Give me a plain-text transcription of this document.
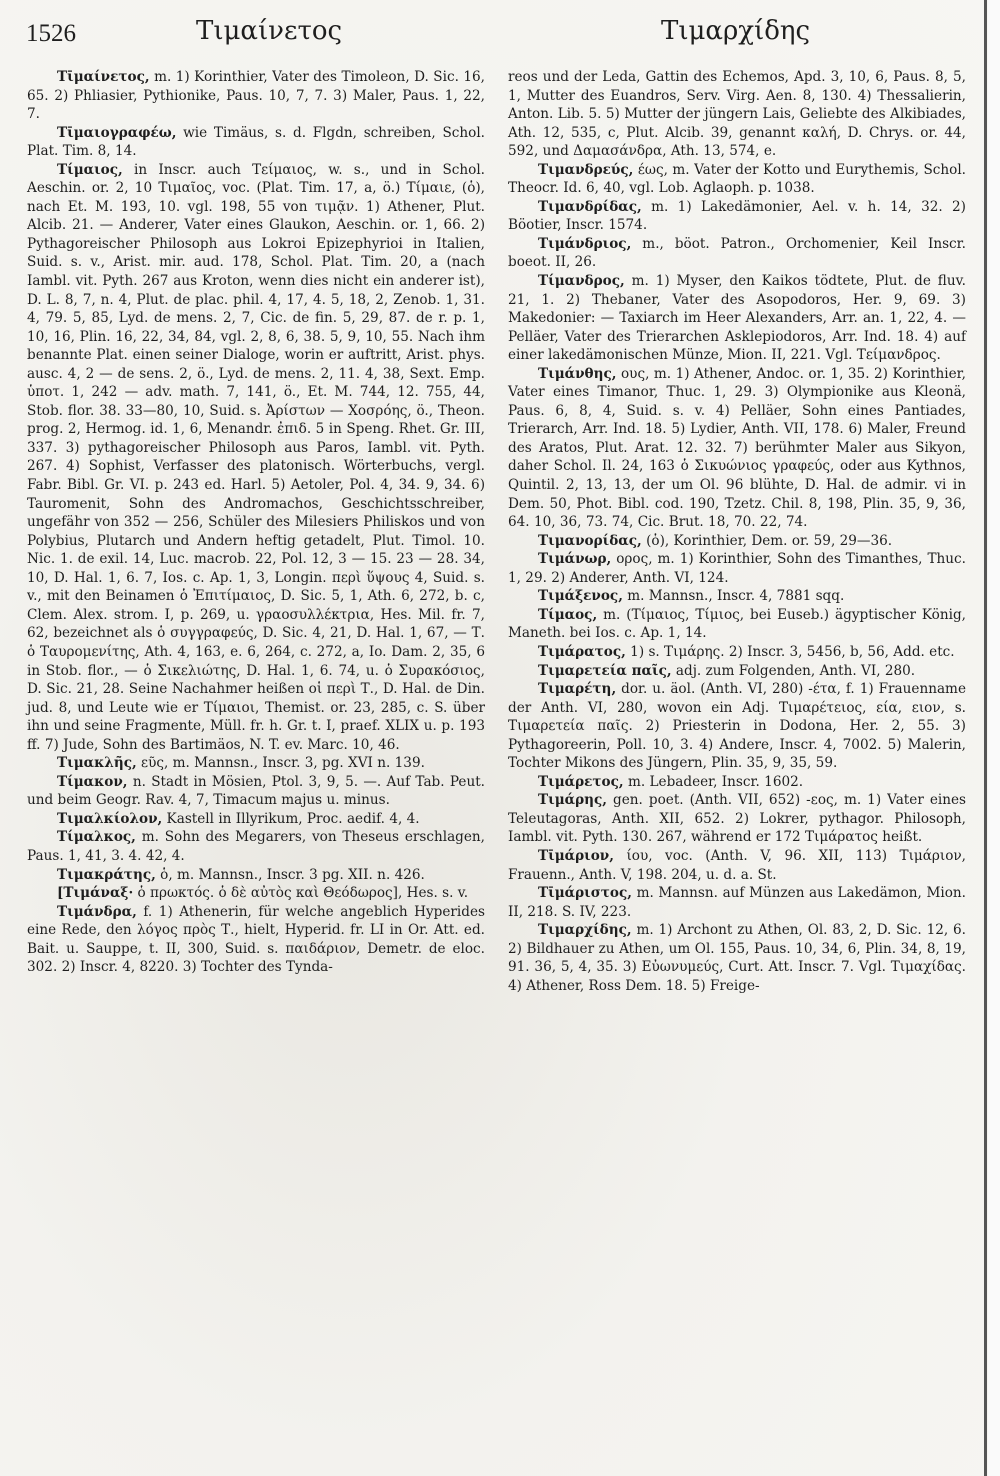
1526	Τιμαίνετος	Τιμαρχίδης

Τῑμαίνετος, m. 1) Korinthier, Vater des Timoleon, D. Sic. 16, 65. 2) Phliasier, Pythionike, Paus. 10, 7, 7. 3) Maler, Paus. 1, 22, 7.

Τῑμαιογραφέω, wie Timäus, s. d. Flgdn, schreiben, Schol. Plat. Tim. 8, 14.

Τίμαιος, in Inscr. auch Τείμαιος, w. s., und in Schol. Aeschin. or. 2, 10 Τιμαῖος, voc. (Plat. Tim. 17, a, ö.) Τίμαιε, (ὁ), nach Et. M. 193, 10. vgl. 198, 55 von τιμᾷν. 1) Athener, Plut. Alcib. 21. — Anderer, Vater eines Glaukon, Aeschin. or. 1, 66. 2) Pythagoreischer Philosoph aus Lokroi Epizephyrioi in Italien, Suid. s. v., Arist. mir. aud. 178, Schol. Plat. Tim. 20, a (nach Iambl. vit. Pyth. 267 aus Kroton, wenn dies nicht ein anderer ist), D. L. 8, 7, n. 4, Plut. de plac. phil. 4, 17, 4. 5, 18, 2, Zenob. 1, 31. 4, 79. 5, 85, Lyd. de mens. 2, 7, Cic. de fin. 5, 29, 87. de r. p. 1, 10, 16, Plin. 16, 22, 34, 84, vgl. 2, 8, 6, 38. 5, 9, 10, 55. Nach ihm benannte Plat. einen seiner Dialoge, worin er auftritt, Arist. phys. ausc. 4, 2 — de sens. 2, ö., Lyd. de mens. 2, 11. 4, 38, Sext. Emp. ὑποτ. 1, 242 — adv. math. 7, 141, ö., Et. M. 744, 12. 755, 44, Stob. flor. 38. 33—80, 10, Suid. s. Ἀρίστων — Χοσρόης, ö., Theon. prog. 2, Hermog. id. 1, 6, Menandr. ἐπιδ. 5 in Speng. Rhet. Gr. III, 337. 3) pythagoreischer Philosoph aus Paros, Iambl. vit. Pyth. 267. 4) Sophist, Verfasser des platonisch. Wörterbuchs, vergl. Fabr. Bibl. Gr. VI. p. 243 ed. Harl. 5) Aetoler, Pol. 4, 34. 9, 34. 6) Tauromenit, Sohn des Andromachos, Geschichtsschreiber, ungefähr von 352 — 256, Schüler des Milesiers Philiskos und von Polybius, Plutarch und Andern heftig getadelt, Plut. Timol. 10. Nic. 1. de exil. 14, Luc. macrob. 22, Pol. 12, 3 — 15. 23 — 28. 34, 10, D. Hal. 1, 6. 7, Ios. c. Ap. 1, 3, Longin. περὶ ὕψους 4, Suid. s. v., mit den Beinamen ὁ Ἐπιτίμαιος, D. Sic. 5, 1, Ath. 6, 272, b. c, Clem. Alex. strom. I, p. 269, u. γραοσυλλέκτρια, Hes. Mil. fr. 7, 62, bezeichnet als ὁ συγγραφεύς, D. Sic. 4, 21, D. Hal. 1, 67, — Τ. ὁ Ταυρομενίτης, Ath. 4, 163, e. 6, 264, c. 272, a, Io. Dam. 2, 35, 6 in Stob. flor., — ὁ Σικελιώτης, D. Hal. 1, 6. 74, u. ὁ Συρακόσιος, D. Sic. 21, 28. Seine Nachahmer heißen οἱ περὶ Τ., D. Hal. de Din. jud. 8, und Leute wie er Τίμαιοι, Themist. or. 23, 285, c. S. über ihn und seine Fragmente, Müll. fr. h. Gr. t. I, praef. XLIX u. p. 193 ff. 7) Jude, Sohn des Bartimäos, N. T. ev. Marc. 10, 46.

Τιμακλῆς, εῦς, m. Mannsn., Inscr. 3, pg. XVI n. 139.

Τίμακον, n. Stadt in Mösien, Ptol. 3, 9, 5. —. Auf Tab. Peut. und beim Geogr. Rav. 4, 7, Timacum majus u. minus.

Τιμαλκίολον, Kastell in Illyrikum, Proc. aedif. 4, 4.

Τίμαλκος, m. Sohn des Megarers, von Theseus erschlagen, Paus. 1, 41, 3. 4. 42, 4.

Τιμακράτης, ὁ, m. Mannsn., Inscr. 3 pg. XII. n. 426.

[Τιμάναξ· ὁ πρωκτός. ὁ δὲ αὐτὸς καὶ Θεόδωρος], Hes. s. v.

Τιμάνδρα, f. 1) Athenerin, für welche angeblich Hyperides eine Rede, den λόγος πρὸς Τ., hielt, Hyperid. fr. LI in Or. Att. ed. Bait. u. Sauppe, t. II, 300, Suid. s. παιδάριον, Demetr. de eloc. 302. 2) Inscr. 4, 8220. 3) Tochter des Tynda-

reos und der Leda, Gattin des Echemos, Apd. 3, 10, 6, Paus. 8, 5, 1, Mutter des Euandros, Serv. Virg. Aen. 8, 130. 4) Thessalierin, Anton. Lib. 5. 5) Mutter der jüngern Lais, Geliebte des Alkibiades, Ath. 12, 535, c, Plut. Alcib. 39, genannt καλή, D. Chrys. or. 44, 592, und Δαμασάνδρα, Ath. 13, 574, e.

Τιμανδρεύς, έως, m. Vater der Kotto und Eurythemis, Schol. Theocr. Id. 6, 40, vgl. Lob. Aglaoph. p. 1038.

Τιμανδρίδας, m. 1) Lakedämonier, Ael. v. h. 14, 32. 2) Böotier, Inscr. 1574.

Τιμάνδριος, m., böot. Patron., Orchomenier, Keil Inscr. boeot. II, 26.

Τίμανδρος, m. 1) Myser, den Kaikos tödtete, Plut. de fluv. 21, 1. 2) Thebaner, Vater des Asopodoros, Her. 9, 69. 3) Makedonier: — Taxiarch im Heer Alexanders, Arr. an. 1, 22, 4. — Pelläer, Vater des Trierarchen Asklepiodoros, Arr. Ind. 18. 4) auf einer lakedämonischen Münze, Mion. II, 221. Vgl. Τείμανδρος.

Τιμάνθης, ους, m. 1) Athener, Andoc. or. 1, 35. 2) Korinthier, Vater eines Timanor, Thuc. 1, 29. 3) Olympionike aus Kleonä, Paus. 6, 8, 4, Suid. s. v. 4) Pelläer, Sohn eines Pantiades, Trierarch, Arr. Ind. 18. 5) Lydier, Anth. VII, 178. 6) Maler, Freund des Aratos, Plut. Arat. 12. 32. 7) berühmter Maler aus Sikyon, daher Schol. Il. 24, 163 ὁ Σικυώνιος γραφεύς, oder aus Kythnos, Quintil. 2, 13, 13, der um Ol. 96 blühte, D. Hal. de admir. vi in Dem. 50, Phot. Bibl. cod. 190, Tzetz. Chil. 8, 198, Plin. 35, 9, 36, 64. 10, 36, 73. 74, Cic. Brut. 18, 70. 22, 74.

Τιμανορίδας, (ὁ), Korinthier, Dem. or. 59, 29—36.

Τιμάνωρ, ορος, m. 1) Korinthier, Sohn des Timanthes, Thuc. 1, 29. 2) Anderer, Anth. VI, 124.

Τιμάξενος, m. Mannsn., Inscr. 4, 7881 sqq.

Τίμαος, m. (Τίμαιος, Τίμιος, bei Euseb.) ägyptischer König, Maneth. bei Ios. c. Ap. 1, 14.

Τιμάρατος, 1) s. Τιμάρης. 2) Inscr. 3, 5456, b, 56, Add. etc.

Τιμαρετεία παῖς, adj. zum Folgenden, Anth. VI, 280.

Τιμαρέτη, dor. u. äol. (Anth. VI, 280) -έτα, f. 1) Frauenname der Anth. VI, 280, wovon ein Adj. Τιμαρέτειος, εία, ειον, s. Τιμαρετεία παῖς. 2) Priesterin in Dodona, Her. 2, 55. 3) Pythagoreerin, Poll. 10, 3. 4) Andere, Inscr. 4, 7002. 5) Malerin, Tochter Mikons des Jüngern, Plin. 35, 9, 35, 59.

Τιμάρετος, m. Lebadeer, Inscr. 1602.

Τιμάρης, gen. poet. (Anth. VII, 652) -εος, m. 1) Vater eines Teleutagoras, Anth. XII, 652. 2) Lokrer, pythagor. Philosoph, Iambl. vit. Pyth. 130. 267, während er 172 Τιμάρατος heißt.

Τῑμάριον, ίου, voc. (Anth. V, 96. XII, 113) Τιμάριον, Frauenn., Anth. V, 198. 204, u. d. a. St.

Τῑμάριστος, m. Mannsn. auf Münzen aus Lakedämon, Mion. II, 218. S. IV, 223.

Τιμαρχίδης, m. 1) Archont zu Athen, Ol. 83, 2, D. Sic. 12, 6. 2) Bildhauer zu Athen, um Ol. 155, Paus. 10, 34, 6, Plin. 34, 8, 19, 91. 36, 5, 4, 35. 3) Εὐωνυμεύς, Curt. Att. Inscr. 7. Vgl. Τιμαχίδας. 4) Athener, Ross Dem. 18. 5) Freige-
